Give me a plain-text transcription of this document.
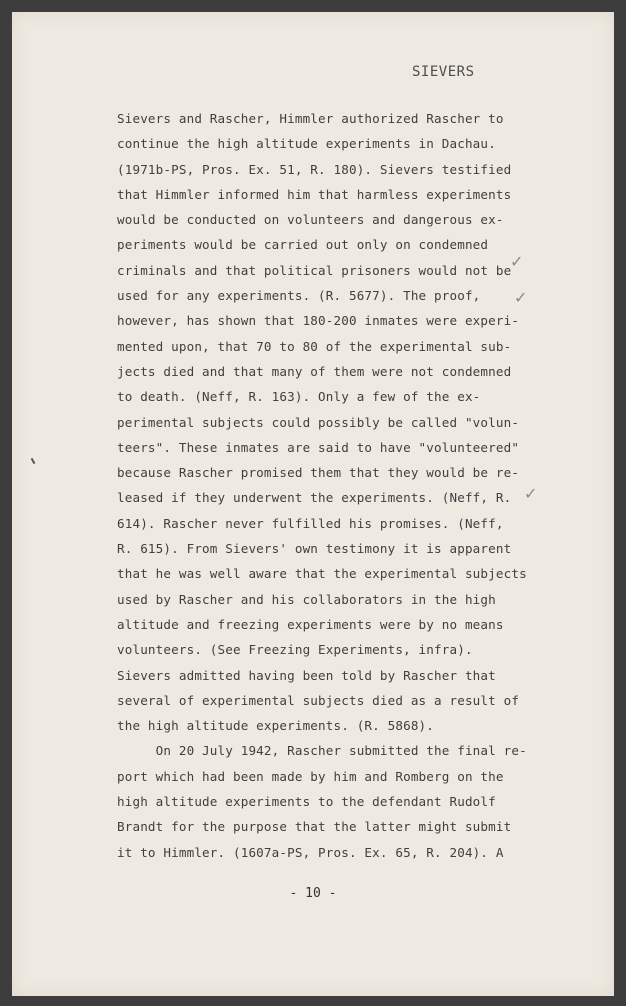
SIEVERS
Sievers and Rascher, Himmler authorized Rascher to
continue the high altitude experiments in Dachau.
(1971b-PS, Pros. Ex. 51, R. 180). Sievers testified
that Himmler informed him that harmless experiments
would be conducted on volunteers and dangerous ex-
periments would be carried out only on condemned
criminals and that political prisoners would not be
used for any experiments. (R. 5677). The proof,
however, has shown that 180-200 inmates were experi-
mented upon, that 70 to 80 of the experimental sub-
jects died and that many of them were not condemned
to death. (Neff, R. 163). Only a few of the ex-
perimental subjects could possibly be called "volun-
teers". These inmates are said to have "volunteered"
because Rascher promised them that they would be re-
leased if they underwent the experiments. (Neff, R.
614). Rascher never fulfilled his promises. (Neff,
R. 615). From Sievers' own testimony it is apparent
that he was well aware that the experimental subjects
used by Rascher and his collaborators in the high
altitude and freezing experiments were by no means
volunteers. (See Freezing Experiments, infra).
Sievers admitted having been told by Rascher that
several of experimental subjects died as a result of
the high altitude experiments. (R. 5868).
On 20 July 1942, Rascher submitted the final re-
port which had been made by him and Romberg on the
high altitude experiments to the defendant Rudolf
Brandt for the purpose that the latter might submit
it to Himmler. (1607a-PS, Pros. Ex. 65, R. 204). A
✓
✓
✓
- 10 -
